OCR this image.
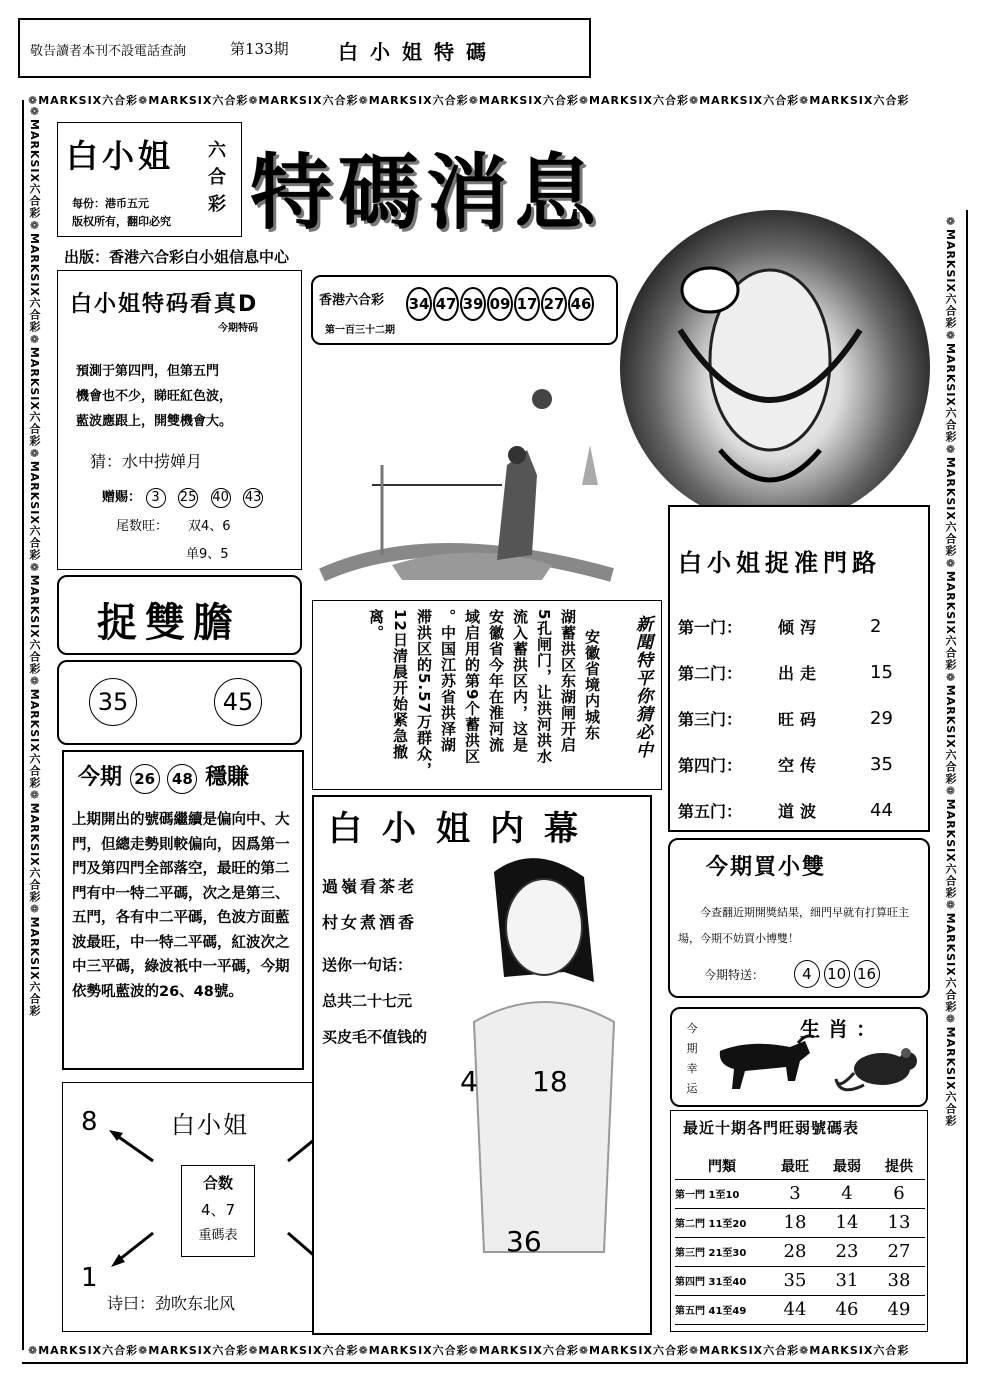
敬告讀者本刊不設電話查詢	第133期 白小姐特碼
❁MARKSIX六合彩❁MARKSIX六合彩❁MARKSIX六合彩❁MARKSIX六合彩❁MARKSIX六合彩❁MARKSIX六合彩❁MARKSIX六合彩❁MARKSIX六合彩
❁MARKSIX六合彩❁MARKSIX六合彩❁MARKSIX六合彩❁MARKSIX六合彩❁MARKSIX六合彩❁MARKSIX六合彩❁MARKSIX六合彩❁MARKSIX六合彩	❁MARKSIX六合彩❁MARKSIX六合彩❁MARKSIX六合彩❁MARKSIX六合彩❁MARKSIX六合彩❁MARKSIX六合彩❁MARKSIX六合彩❁MARKSIX六合彩
❁MARKSIX六合彩❁MARKSIX六合彩❁MARKSIX六合彩❁MARKSIX六合彩❁MARKSIX六合彩❁MARKSIX六合彩❁MARKSIX六合彩❁MARKSIX六合彩
白小姐 六
合
彩
每份：港币五元
版权所有，翻印必究 特碼消息
出版：香港六合彩白小姐信息中心
香港六合彩
第一百三十二期
34 47 39 09 17 27 46
白小姐特码看真D
今期特码
預測于第四門，但第五門
機會也不少，睇旺紅色波，
藍波應跟上，開雙機會大。
猜：水中捞婵月
赠赐： 3 25 40 43
尾数旺： 双4、6
单9、5
捉雙膽
35	45
今期 26 48 穩賺
上期開出的號碼繼續是偏向中、大門，但總走勢則較偏向，因爲第一門及第四門全部落空，最旺的第二門有中一特二平碼，次之是第三、五門，各有中二平碼，色波方面藍波最旺，中一特二平碼，紅波次之中三平碼，綠波衹中一平碼，今期依勢吼藍波的26、48號。
白小姐
8
1
合数
4、7
重碼表
诗曰：劲吹东北风
新聞特平你猜必中
安徽省境内城东
湖蓄洪区东湖闸开启
5孔闸门，让洪河洪水
流入蓄洪区内，这是
安徽省今年在淮河流
域启用的第9个蓄洪区
。中国江苏省洪泽湖
滞洪区的5.57万群众，
12日清晨开始紧急撤
离。
白小姐内幕
過嶺看茶老
村女煮酒香
送你一句话：
总共二十七元
买皮毛不值钱的
4 18
36
白小姐捉准門路
第一门：	倾泻	2
第二门：	出走	15
第三门：	旺码	29
第四门：	空传	35
第五门：	道波	44
今期買小雙
今查翻近期開獎結果，细門早就有打算旺主場，今期不妨買小博雙！
今期特送：	4 10 16
今
期
幸
运
生肖：
最近十期各門旺弱號碼表
門類	最旺	最弱	提供
第一門 1至10	3	4	6
第二門 11至20	18	14	13
第三門 21至30	28	23	27
第四門 31至40	35	31	38
第五門 41至49	44	46	49
